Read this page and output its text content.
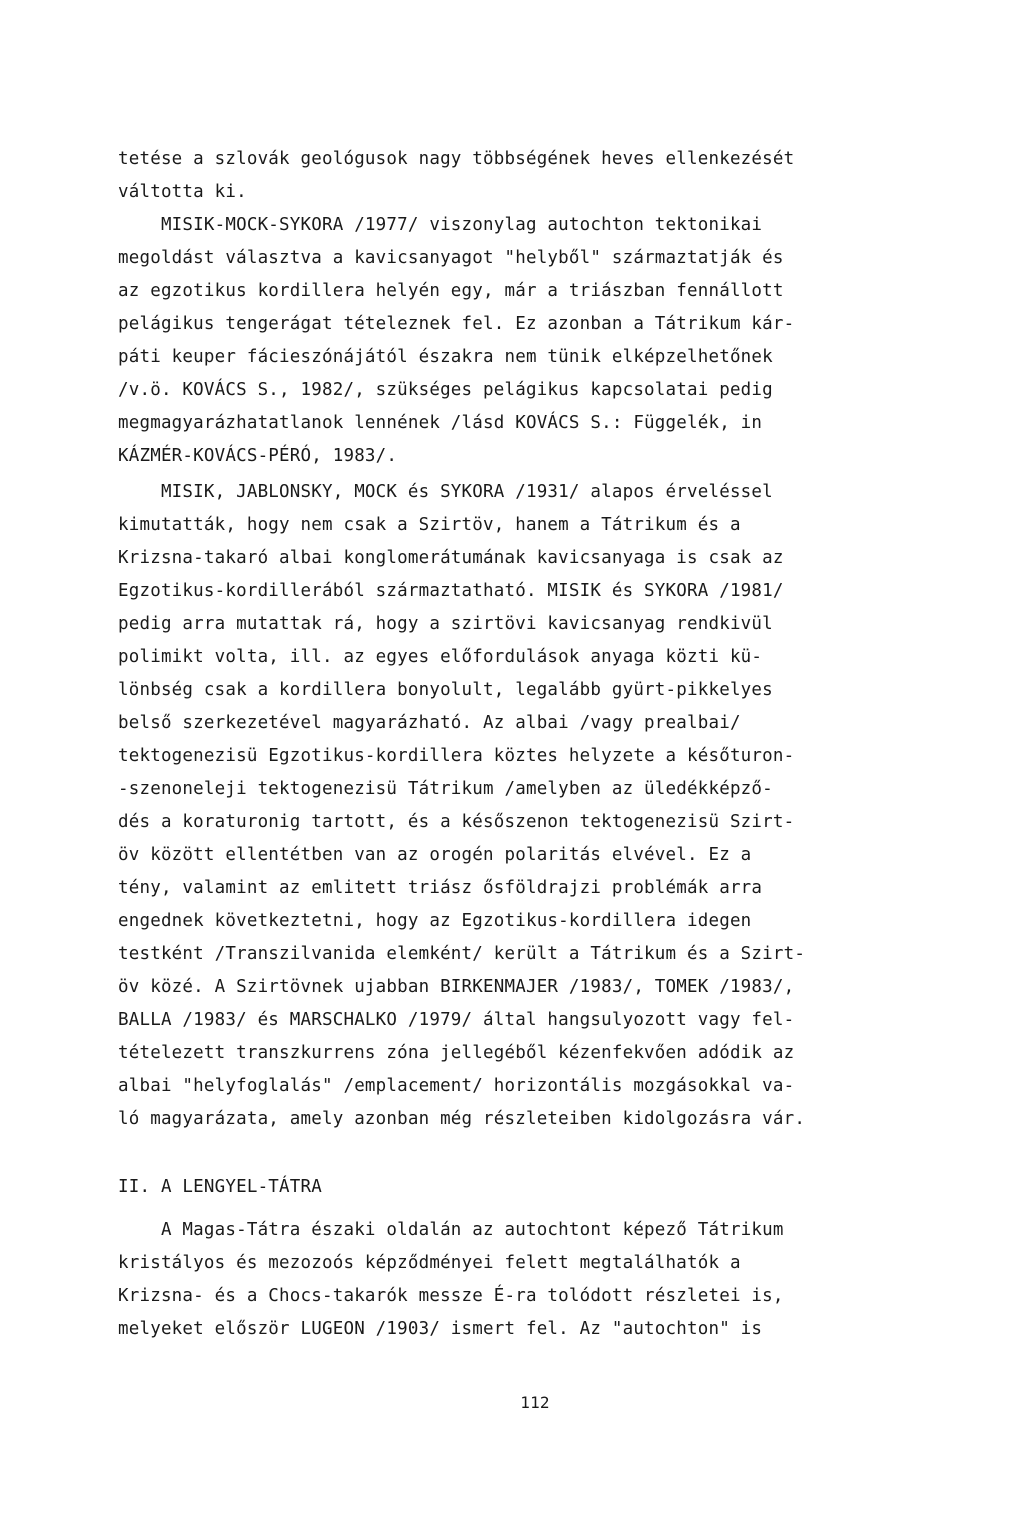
tetése a szlovák geológusok nagy többségének heves ellenkezését
váltotta ki.
MISIK-MOCK-SYKORA /1977/ viszonylag autochton tektonikai
megoldást választva a kavicsanyagot "helyből" származtatják és
az egzotikus kordillera helyén egy, már a triászban fennállott
pelágikus tengerágat tételeznek fel. Ez azonban a Tátrikum kár-
páti keuper fácieszónájától északra nem tünik elképzelhetőnek
/v.ö. KOVÁCS S., 1982/, szükséges pelágikus kapcsolatai pedig
megmagyarázhatatlanok lennének /lásd KOVÁCS S.: Függelék, in
KÁZMÉR-KOVÁCS-PÉRÓ, 1983/.
MISIK, JABLONSKY, MOCK és SYKORA /1931/ alapos érveléssel
kimutatták, hogy nem csak a Szirtöv, hanem a Tátrikum és a
Krizsna-takaró albai konglomerátumának kavicsanyaga is csak az
Egzotikus-kordillerából származtatható. MISIK és SYKORA /1981/
pedig arra mutattak rá, hogy a szirtövi kavicsanyag rendkivül
polimikt volta, ill. az egyes előfordulások anyaga közti kü-
lönbség csak a kordillera bonyolult, legalább gyürt-pikkelyes
belső szerkezetével magyarázható. Az albai /vagy prealbai/
tektogenezisü Egzotikus-kordillera köztes helyzete a későturon-
-szenoneleji tektogenezisü Tátrikum /amelyben az üledékképző-
dés a koraturonig tartott, és a későszenon tektogenezisü Szirt-
öv között ellentétben van az orogén polaritás elvével. Ez a
tény, valamint az emlitett triász ősföldrajzi problémák arra
engednek következtetni, hogy az Egzotikus-kordillera idegen
testként /Transzilvanida elemként/ került a Tátrikum és a Szirt-
öv közé. A Szirtövnek ujabban BIRKENMAJER /1983/, TOMEK /1983/,
BALLA /1983/ és MARSCHALKO /1979/ által hangsulyozott vagy fel-
tételezett transzkurrens zóna jellegéből kézenfekvően adódik az
albai "helyfoglalás" /emplacement/ horizontális mozgásokkal va-
ló magyarázata, amely azonban még részleteiben kidolgozásra vár.
II. A LENGYEL-TÁTRA
A Magas-Tátra északi oldalán az autochtont képező Tátrikum
kristályos és mezozoós képződményei felett megtalálhatók a
Krizsna- és a Chocs-takarók messze É-ra tolódott részletei is,
melyeket először LUGEON /1903/ ismert fel. Az "autochton" is
112
